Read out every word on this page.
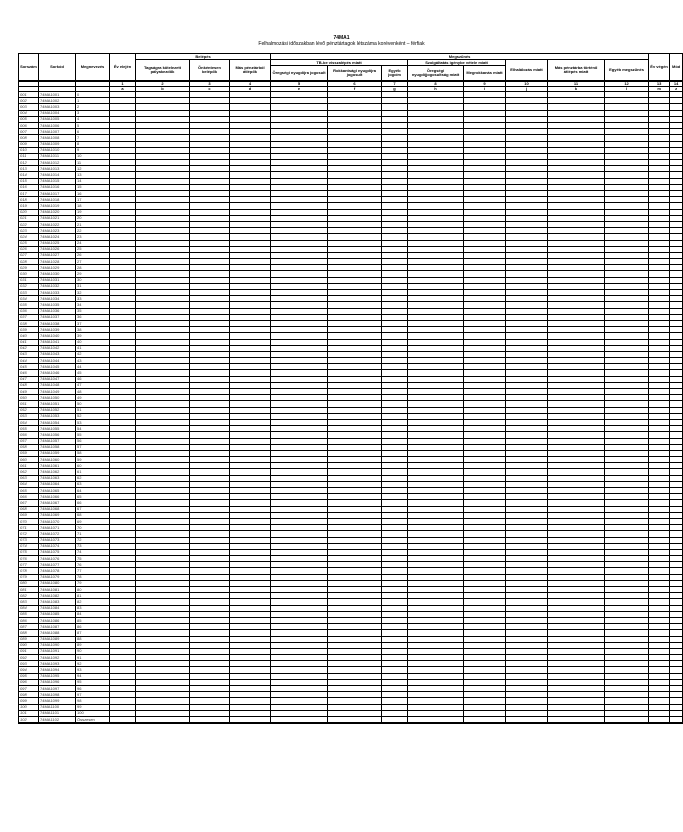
74MA1
Felhalmozási időszakban lévő pénztártagok létszáma korévenként – férfiak
Sorszám	Sorkód	Megnevezés	Év elején	Belépés			Megszűnés								Év végén	Mód
				Tagságra kötelezett pályakezdők	Önkéntesen belépők	Más pénztárból átlépők	TB-be visszalépés miatt			Szolgáltatás igénybe vétele miatt		Elhalálozás miatt	Más pénztárba történő átlépés miatt	Egyéb megszűnés		
							Öregségi nyugdíjra jogosult	Rokkantsági nyugdíjra jogosult	Egyéb jogcím	Öregségi nyugdíjjogosultság miatt	Megrokkanás miatt					
			1	2	3	4	5	6	7	8	9	10	11	12	13	14
			a	b	c	d	e	f	g	h	i	j	k	l	m	z
001	74MA1001	0														
002	74MA1002	1														
003	74MA1003	2														
004	74MA1004	3														
005	74MA1005	4														
006	74MA1006	5														
007	74MA1007	6														
008	74MA1008	7														
009	74MA1009	8														
010	74MA1010	9														
011	74MA1011	10														
012	74MA1012	11														
013	74MA1013	12														
014	74MA1014	13														
015	74MA1015	14														
016	74MA1016	15														
017	74MA1017	16														
018	74MA1018	17														
019	74MA1019	18														
020	74MA1020	19														
021	74MA1021	20														
022	74MA1022	21														
023	74MA1023	22														
024	74MA1024	23														
025	74MA1025	24														
026	74MA1026	25														
027	74MA1027	26														
028	74MA1028	27														
029	74MA1029	28														
030	74MA1030	29														
031	74MA1031	30														
032	74MA1032	31														
033	74MA1033	32														
034	74MA1034	33														
035	74MA1035	34														
036	74MA1036	35														
037	74MA1037	36														
038	74MA1038	37														
039	74MA1039	38														
040	74MA1040	39														
041	74MA1041	40														
042	74MA1042	41														
043	74MA1043	42														
044	74MA1044	43														
045	74MA1045	44														
046	74MA1046	45														
047	74MA1047	46														
048	74MA1048	47														
049	74MA1049	48														
050	74MA1050	49														
051	74MA1051	50														
052	74MA1052	51														
053	74MA1053	52														
054	74MA1054	53														
055	74MA1055	54														
056	74MA1056	55														
057	74MA1057	56														
058	74MA1058	57														
059	74MA1059	58														
060	74MA1060	59														
061	74MA1061	60														
062	74MA1062	61														
063	74MA1063	62														
064	74MA1064	63														
065	74MA1065	64														
066	74MA1066	65														
067	74MA1067	66														
068	74MA1068	67														
069	74MA1069	68														
070	74MA1070	69														
071	74MA1071	70														
072	74MA1072	71														
073	74MA1073	72														
074	74MA1074	73														
075	74MA1075	74														
076	74MA1076	75														
077	74MA1077	76														
078	74MA1078	77														
079	74MA1079	78														
080	74MA1080	79														
081	74MA1081	80														
082	74MA1082	81														
083	74MA1083	82														
084	74MA1084	83														
085	74MA1085	84														
086	74MA1086	85														
087	74MA1087	86														
088	74MA1088	87														
089	74MA1089	88														
090	74MA1090	89														
091	74MA1091	90														
092	74MA1092	91														
093	74MA1093	92														
094	74MA1094	93														
095	74MA1095	94														
096	74MA1096	95														
097	74MA1097	96														
098	74MA1098	97														
099	74MA1099	98														
100	74MA1100	99														
101	74MA1101	100														
102	74MA1102	Összesen														
